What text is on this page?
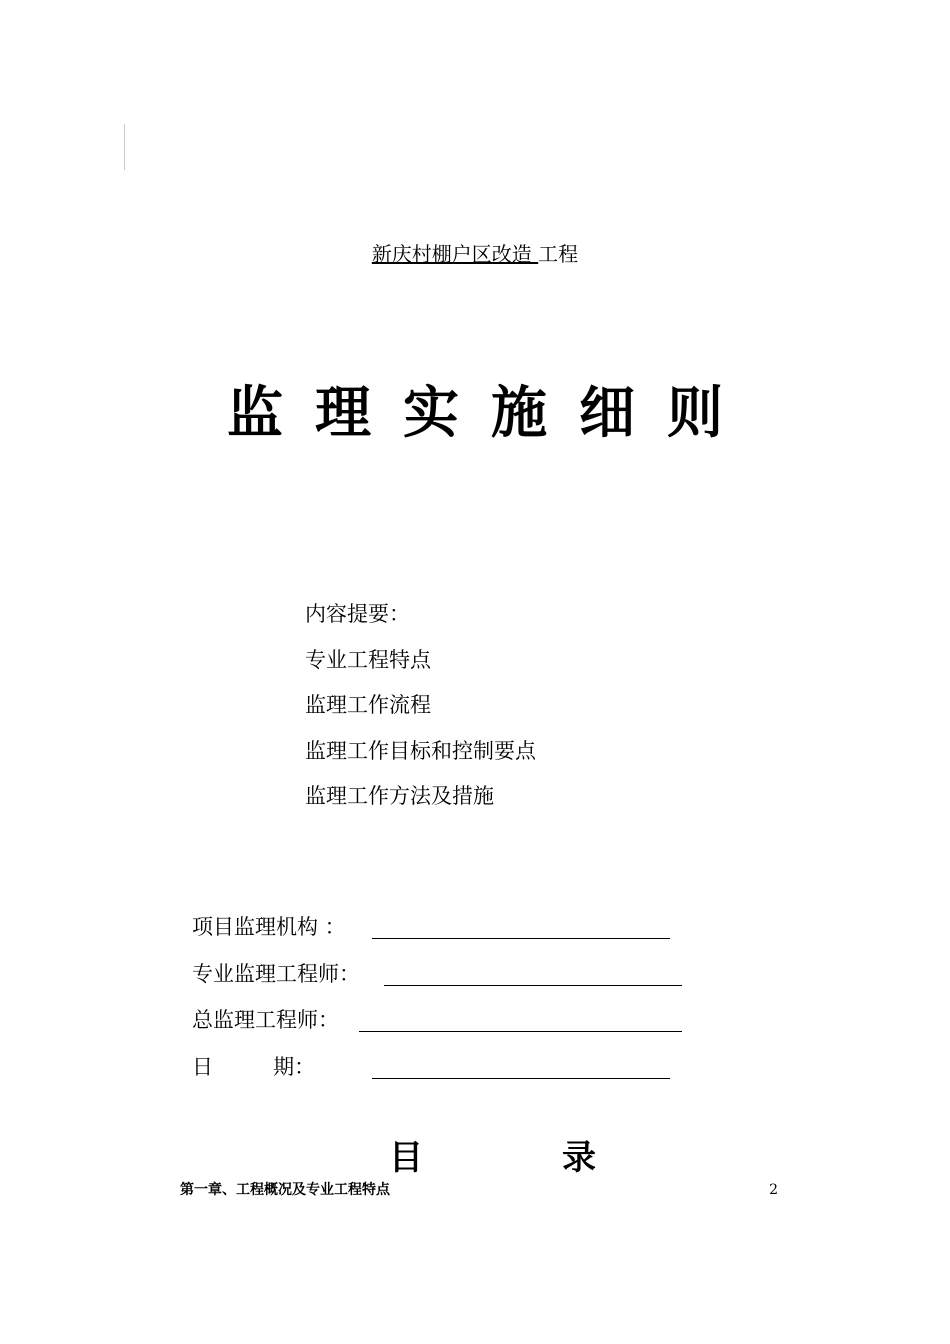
新庆村棚户区改造 工程
监理实施细则
内容提要：
专业工程特点
监理工作流程
监理工作目标和控制要点
监理工作方法及措施
项目监理机构 ：
专业监理工程师：
总监理工程师：
日         期：
目	录
第一章、工程概况及专业工程特点	2
